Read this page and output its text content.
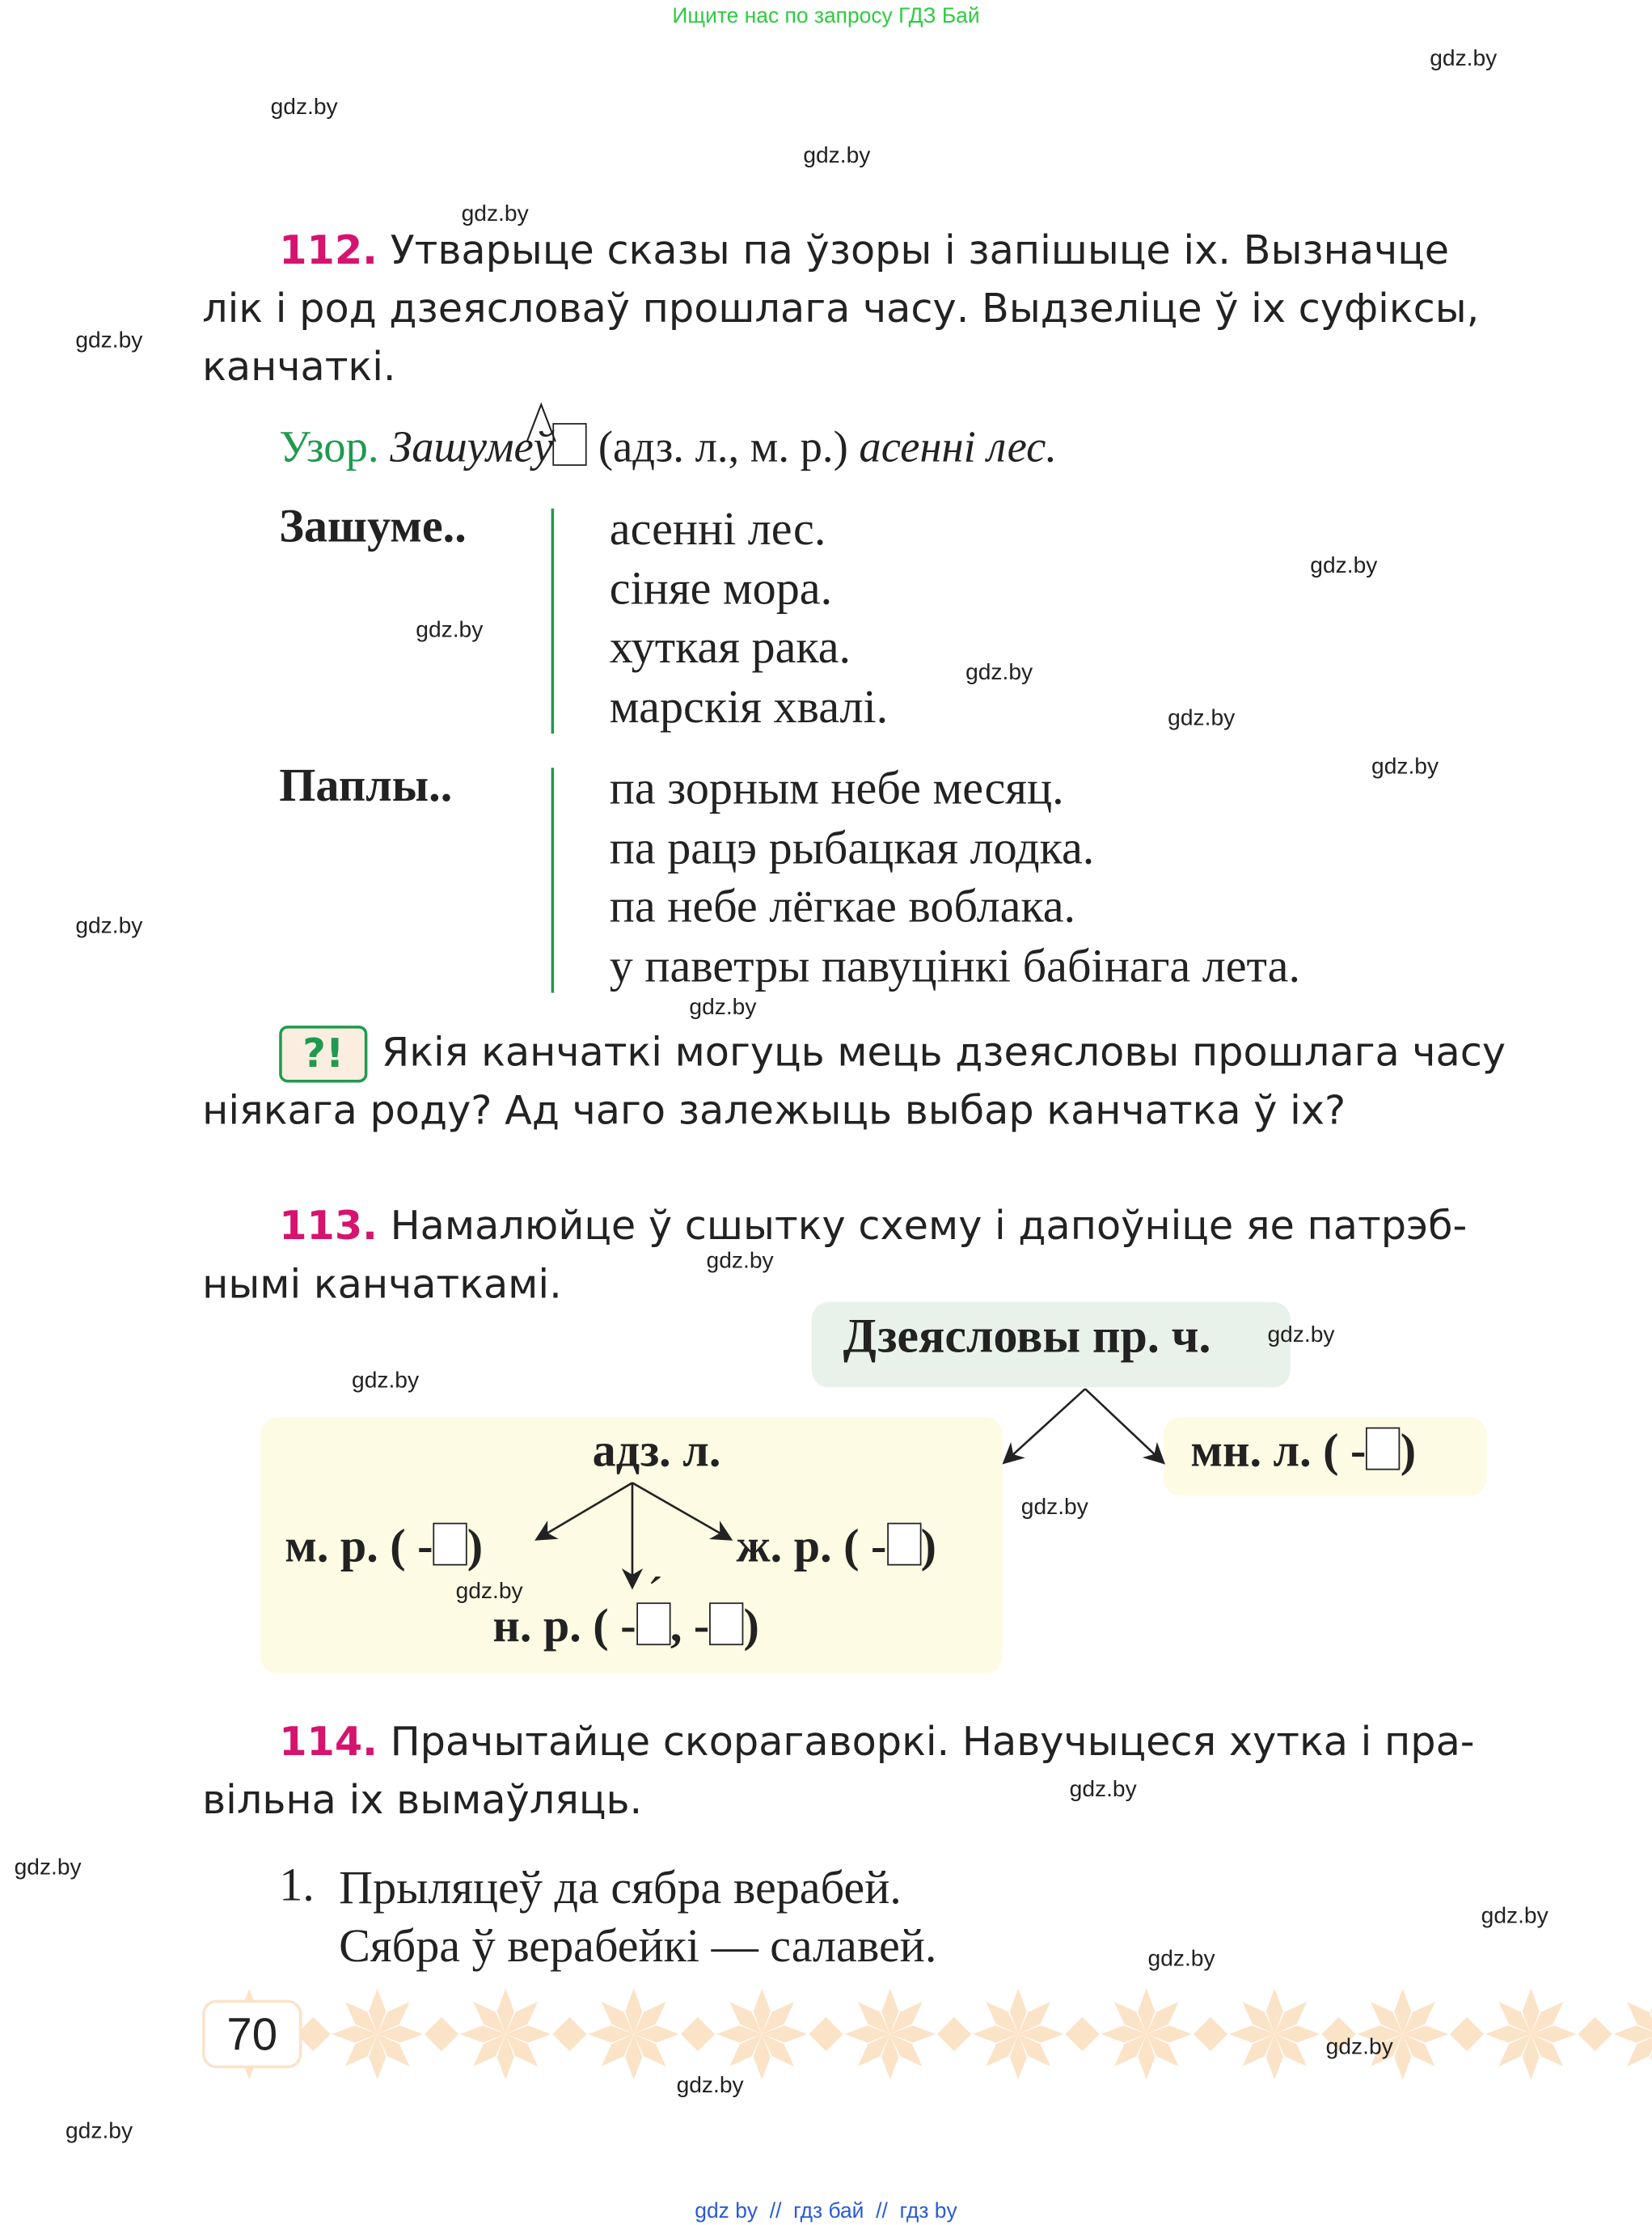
Ищите нас по запросу ГДЗ Бай
112. Утварыце сказы па ўзоры і запішыце іх. Вызначце
лік і род дзеясловаў прошлага часу. Выдзеліце ў іх суфіксы,
канчаткі.
Узор. Зашумеў (адз. л., м. р.) асенні лес.
Зашуме..	асенні лес.
сіняе мора.
хуткая рака.
марскія хвалі.
Паплы..	па зорным небе месяц.
па рацэ рыбацкая лодка.
па небе лёгкае воблака.
у паветры павуцінкі бабінага лета.
?!	Якія канчаткі могуць мець дзеясловы прошлага часу
ніякага роду? Ад чаго залежыць выбар канчатка ў іх?
113. Намалюйце ў сшытку схему і дапоўніце яе патрэб-
нымі канчаткамі.
Дзеясловы пр. ч.
адз. л.	мн. л. ( - )
м. р. ( - )	ж. р. ( - )
н. р. ( -
´
, - )
114. Прачытайце скорагаворкі. Навучыцеся хутка і пра-
вільна іх вымаўляць.
1. Прыляцеў да сябра верабей.
Сябра ў верабейкі — салавей.
70
gdz.by
gdz.by
gdz.by
gdz.by
gdz.by
gdz.by
gdz.by
gdz.by
gdz.by
gdz.by
gdz.by
gdz.by
gdz.by
gdz.by
gdz.by
gdz.by
gdz.by
gdz.by
gdz.by
gdz.by
gdz.by
gdz.by
gdz.by
gdz.by
gdz by  //  гдз бай  //  гдз by
